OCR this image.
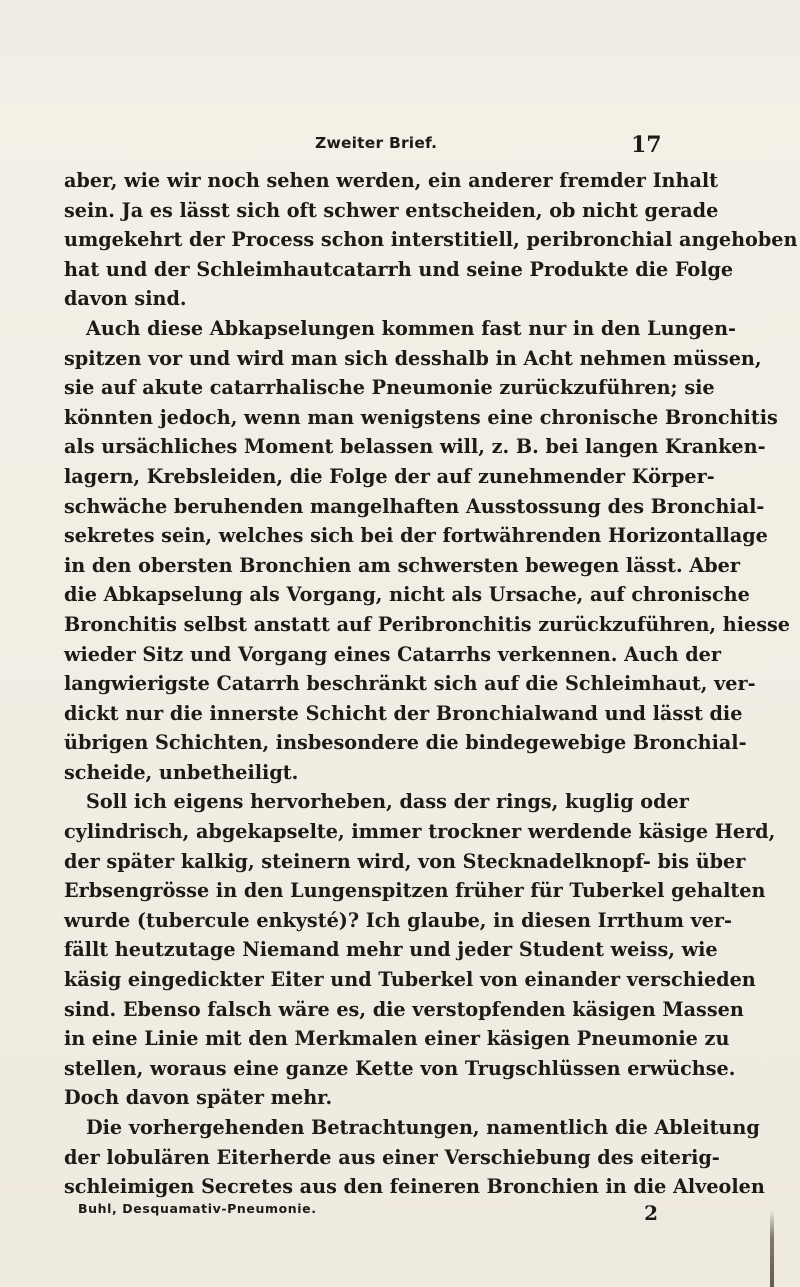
Zweiter Brief.	17

aber, wie wir noch sehen werden, ein anderer fremder Inhalt

sein. Ja es lässt sich oft schwer entscheiden, ob nicht gerade

umgekehrt der Process schon interstitiell, peribronchial angehoben

hat und der Schleimhautcatarrh und seine Produkte die Folge

davon sind.

Auch diese Abkapselungen kommen fast nur in den Lungen-

spitzen vor und wird man sich desshalb in Acht nehmen müssen,

sie auf akute catarrhalische Pneumonie zurückzuführen; sie

könnten jedoch, wenn man wenigstens eine chronische Bronchitis

als ursächliches Moment belassen will, z. B. bei langen Kranken-

lagern, Krebsleiden, die Folge der auf zunehmender Körper-

schwäche beruhenden mangelhaften Ausstossung des Bronchial-

sekretes sein, welches sich bei der fortwährenden Horizontallage

in den obersten Bronchien am schwersten bewegen lässt. Aber

die Abkapselung als Vorgang, nicht als Ursache, auf chronische

Bronchitis selbst anstatt auf Peribronchitis zurückzuführen, hiesse

wieder Sitz und Vorgang eines Catarrhs verkennen. Auch der

langwierigste Catarrh beschränkt sich auf die Schleimhaut, ver-

dickt nur die innerste Schicht der Bronchialwand und lässt die

übrigen Schichten, insbesondere die bindegewebige Bronchial-

scheide, unbetheiligt.

Soll ich eigens hervorheben, dass der rings, kuglig oder

cylindrisch, abgekapselte, immer trockner werdende käsige Herd,

der später kalkig, steinern wird, von Stecknadelknopf- bis über

Erbsengrösse in den Lungenspitzen früher für Tuberkel gehalten

wurde (tubercule enkysté)? Ich glaube, in diesen Irrthum ver-

fällt heutzutage Niemand mehr und jeder Student weiss, wie

käsig eingedickter Eiter und Tuberkel von einander verschieden

sind. Ebenso falsch wäre es, die verstopfenden käsigen Massen

in eine Linie mit den Merkmalen einer käsigen Pneumonie zu

stellen, woraus eine ganze Kette von Trugschlüssen erwüchse.

Doch davon später mehr.

Die vorhergehenden Betrachtungen, namentlich die Ableitung

der lobulären Eiterherde aus einer Verschiebung des eiterig-

schleimigen Secretes aus den feineren Bronchien in die Alveolen

Buhl, Desquamativ-Pneumonie.	2
